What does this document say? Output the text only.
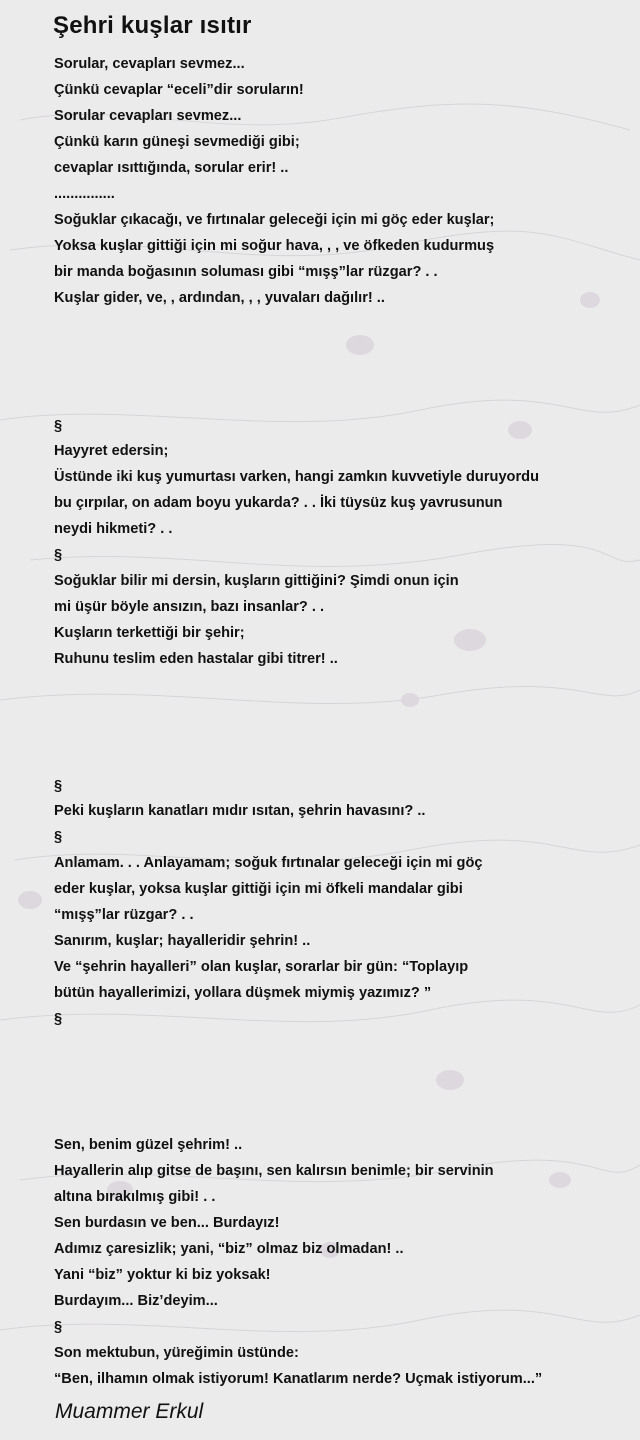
Şehri kuşlar ısıtır
Sorular, cevapları sevmez...
Çünkü cevaplar “eceli”dir soruların!
Sorular cevapları sevmez...
Çünkü karın güneşi sevmediği gibi;
cevaplar ısıttığında, sorular erir! ..
...............
Soğuklar çıkacağı, ve fırtınalar geleceği için mi göç eder kuşlar;
Yoksa kuşlar gittiği için mi soğur hava, , , ve öfkeden kudurmuş
bir manda boğasının soluması gibi “mışş”lar rüzgar? . .
Kuşlar gider, ve, , ardından, , , yuvaları dağılır! ..
§
Hayyret edersin;
Üstünde iki kuş yumurtası varken, hangi zamkın kuvvetiyle duruyordu
bu çırpılar, on adam boyu yukarda? . . İki tüysüz kuş yavrusunun
neydi hikmeti? . .
§
Soğuklar bilir mi dersin, kuşların gittiğini? Şimdi onun için
mi üşür böyle ansızın, bazı insanlar? . .
Kuşların terkettiği bir şehir;
Ruhunu teslim eden hastalar gibi titrer! ..
§
Peki kuşların kanatları mıdır ısıtan, şehrin havasını? ..
§
Anlamam. . . Anlayamam; soğuk fırtınalar geleceği için mi göç
eder kuşlar, yoksa kuşlar gittiği için mi öfkeli mandalar gibi
“mışş”lar rüzgar? . .
Sanırım, kuşlar; hayalleridir şehrin! ..
Ve “şehrin hayalleri” olan kuşlar, sorarlar bir gün: “Toplayıp
bütün hayallerimizi, yollara düşmek miymiş yazımız? ”
§
Sen, benim güzel şehrim! ..
Hayallerin alıp gitse de başını, sen kalırsın benimle; bir servinin
altına bırakılmış gibi! . .
Sen burdasın ve ben... Burdayız!
Adımız çaresizlik; yani, “biz” olmaz biz olmadan! ..
Yani “biz” yoktur ki biz yoksak!
Burdayım... Biz’deyim...
§
Son mektubun, yüreğimin üstünde:
“Ben, ilhamın olmak istiyorum! Kanatlarım nerde? Uçmak istiyorum...”
Muammer Erkul
